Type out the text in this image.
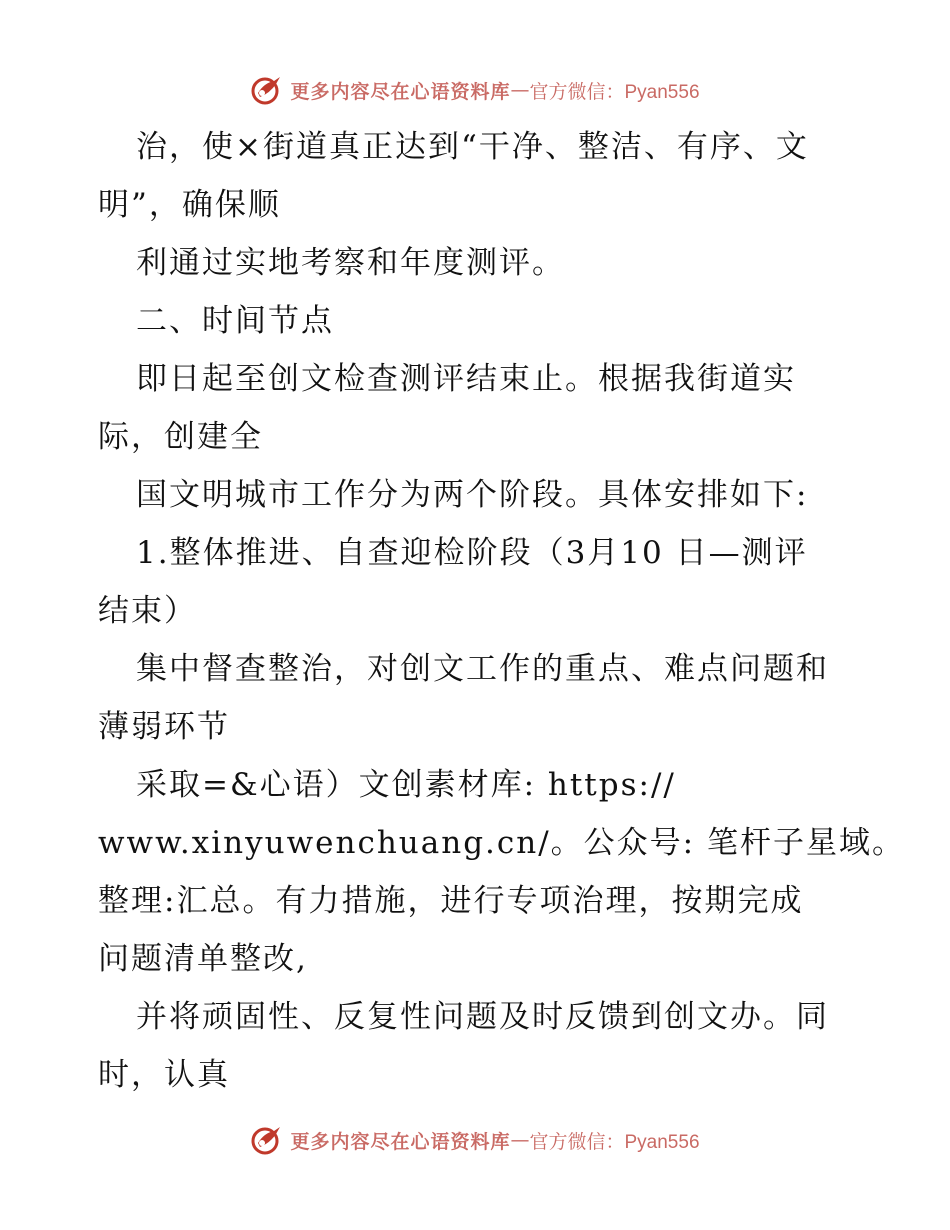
更多内容尽在心语资料库 — 官方微信：Pyan556
治，使×街道真正达到“干净、整洁、有序、文
明”，确保顺
利通过实地考察和年度测评。
二、时间节点
即日起至创文检查测评结束止。根据我街道实
际，创建全
国文明城市工作分为两个阶段。具体安排如下:
1.整体推进、自查迎检阶段（3月10 日—测评
结束）
集中督查整治，对创文工作的重点、难点问题和
薄弱环节
采取=&心语）文创素材库: https://
www.xinyuwenchuang.cn/。公众号: 笔杆子星域。
整理:汇总。有力措施，进行专项治理，按期完成
问题清单整改,
并将顽固性、反复性问题及时反馈到创文办。同
时，认真
更多内容尽在心语资料库 — 官方微信：Pyan556
